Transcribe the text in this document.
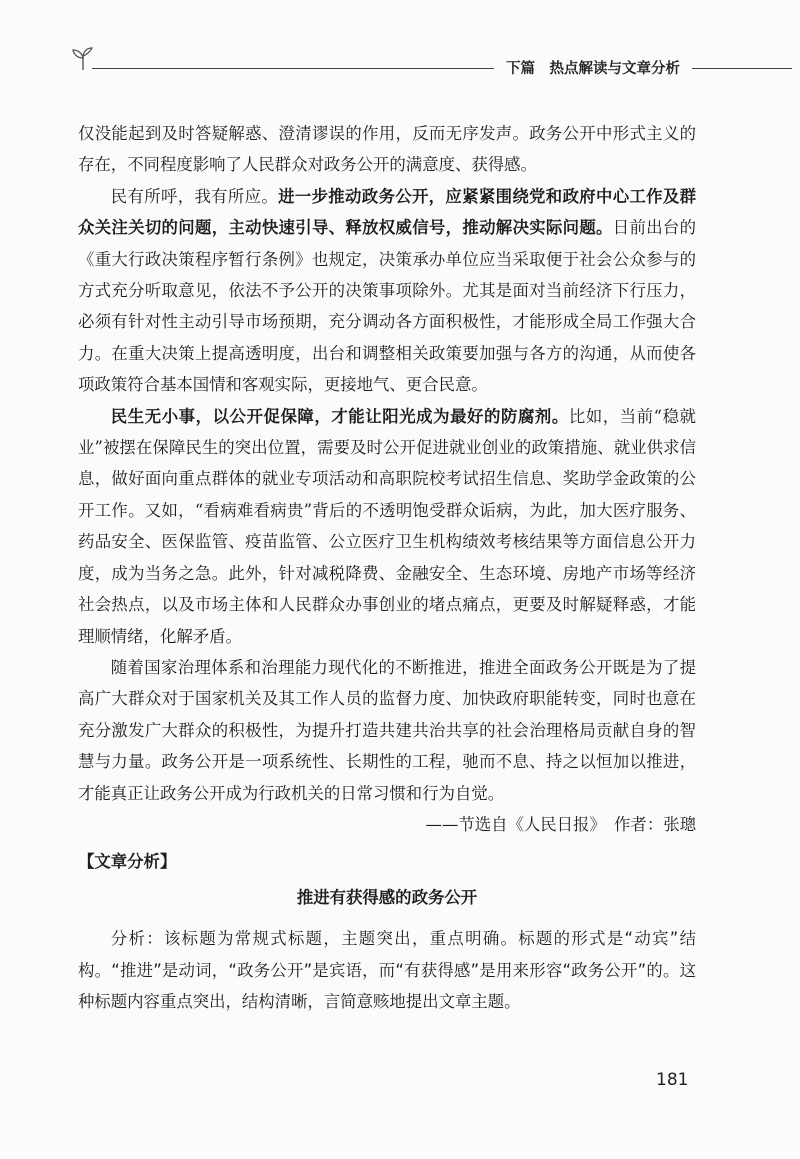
下篇　热点解读与文章分析

仅没能起到及时答疑解惑、澄清谬误的作用，反而无序发声。政务公开中形式主义的存在，不同程度影响了人民群众对政务公开的满意度、获得感。

民有所呼，我有所应。进一步推动政务公开，应紧紧围绕党和政府中心工作及群众关注关切的问题，主动快速引导、释放权威信号，推动解决实际问题。日前出台的《重大行政决策程序暂行条例》也规定，决策承办单位应当采取便于社会公众参与的方式充分听取意见，依法不予公开的决策事项除外。尤其是面对当前经济下行压力，必须有针对性主动引导市场预期，充分调动各方面积极性，才能形成全局工作强大合力。在重大决策上提高透明度，出台和调整相关政策要加强与各方的沟通，从而使各项政策符合基本国情和客观实际，更接地气、更合民意。

民生无小事，以公开促保障，才能让阳光成为最好的防腐剂。比如，当前“稳就业”被摆在保障民生的突出位置，需要及时公开促进就业创业的政策措施、就业供求信息，做好面向重点群体的就业专项活动和高职院校考试招生信息、奖助学金政策的公开工作。又如，“看病难看病贵”背后的不透明饱受群众诟病，为此，加大医疗服务、药品安全、医保监管、疫苗监管、公立医疗卫生机构绩效考核结果等方面信息公开力度，成为当务之急。此外，针对减税降费、金融安全、生态环境、房地产市场等经济社会热点，以及市场主体和人民群众办事创业的堵点痛点，更要及时解疑释惑，才能理顺情绪，化解矛盾。

随着国家治理体系和治理能力现代化的不断推进，推进全面政务公开既是为了提高广大群众对于国家机关及其工作人员的监督力度、加快政府职能转变，同时也意在充分激发广大群众的积极性，为提升打造共建共治共享的社会治理格局贡献自身的智慧与力量。政务公开是一项系统性、长期性的工程，驰而不息、持之以恒加以推进，才能真正让政务公开成为行政机关的日常习惯和行为自觉。

——节选自《人民日报》　作者：张璁

【文章分析】

推进有获得感的政务公开

分析：该标题为常规式标题，主题突出，重点明确。标题的形式是“动宾”结构。“推进”是动词，“政务公开”是宾语，而“有获得感”是用来形容“政务公开”的。这种标题内容重点突出，结构清晰，言简意赅地提出文章主题。

181
